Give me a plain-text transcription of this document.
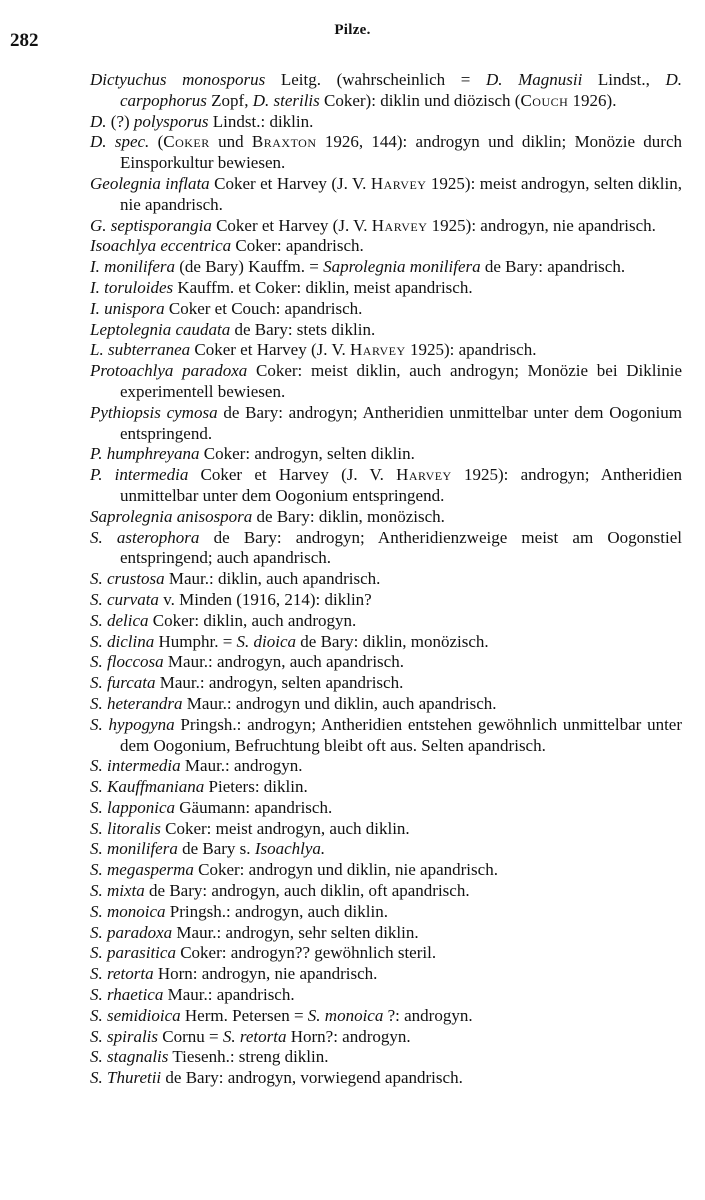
282	Pilze.

Dictyuchus monosporus Leitg. (wahrscheinlich = D. Magnusii Lindst., D. carpophorus Zopf, D. sterilis Coker): diklin und diözisch (Couch 1926).

D. (?) polysporus Lindst.: diklin.

D. spec. (Coker und Braxton 1926, 144): androgyn und diklin; Monözie durch Einsporkultur bewiesen.

Geolegnia inflata Coker et Harvey (J. V. Harvey 1925): meist androgyn, selten diklin, nie apandrisch.

G. septisporangia Coker et Harvey (J. V. Harvey 1925): androgyn, nie apandrisch.

Isoachlya eccentrica Coker: apandrisch.

I. monilifera (de Bary) Kauffm. = Saprolegnia monilifera de Bary: apandrisch.

I. toruloides Kauffm. et Coker: diklin, meist apandrisch.

I. unispora Coker et Couch: apandrisch.

Leptolegnia caudata de Bary: stets diklin.

L. subterranea Coker et Harvey (J. V. Harvey 1925): apandrisch.

Protoachlya paradoxa Coker: meist diklin, auch androgyn; Monözie bei Diklinie experimentell bewiesen.

Pythiopsis cymosa de Bary: androgyn; Antheridien unmittelbar unter dem Oogonium entspringend.

P. humphreyana Coker: androgyn, selten diklin.

P. intermedia Coker et Harvey (J. V. Harvey 1925): androgyn; Antheridien unmittelbar unter dem Oogonium entspringend.

Saprolegnia anisospora de Bary: diklin, monözisch.

S. asterophora de Bary: androgyn; Antheridienzweige meist am Oogonstiel entspringend; auch apandrisch.

S. crustosa Maur.: diklin, auch apandrisch.

S. curvata v. Minden (1916, 214): diklin?

S. delica Coker: diklin, auch androgyn.

S. diclina Humphr. = S. dioica de Bary: diklin, monözisch.

S. floccosa Maur.: androgyn, auch apandrisch.

S. furcata Maur.: androgyn, selten apandrisch.

S. heterandra Maur.: androgyn und diklin, auch apandrisch.

S. hypogyna Pringsh.: androgyn; Antheridien entstehen gewöhnlich unmittelbar unter dem Oogonium, Befruchtung bleibt oft aus. Selten apandrisch.

S. intermedia Maur.: androgyn.

S. Kauffmaniana Pieters: diklin.

S. lapponica Gäumann: apandrisch.

S. litoralis Coker: meist androgyn, auch diklin.

S. monilifera de Bary s. Isoachlya.

S. megasperma Coker: androgyn und diklin, nie apandrisch.

S. mixta de Bary: androgyn, auch diklin, oft apandrisch.

S. monoica Pringsh.: androgyn, auch diklin.

S. paradoxa Maur.: androgyn, sehr selten diklin.

S. parasitica Coker: androgyn?? gewöhnlich steril.

S. retorta Horn: androgyn, nie apandrisch.

S. rhaetica Maur.: apandrisch.

S. semidioica Herm. Petersen = S. monoica ?: androgyn.

S. spiralis Cornu = S. retorta Horn?: androgyn.

S. stagnalis Tiesenh.: streng diklin.

S. Thuretii de Bary: androgyn, vorwiegend apandrisch.
